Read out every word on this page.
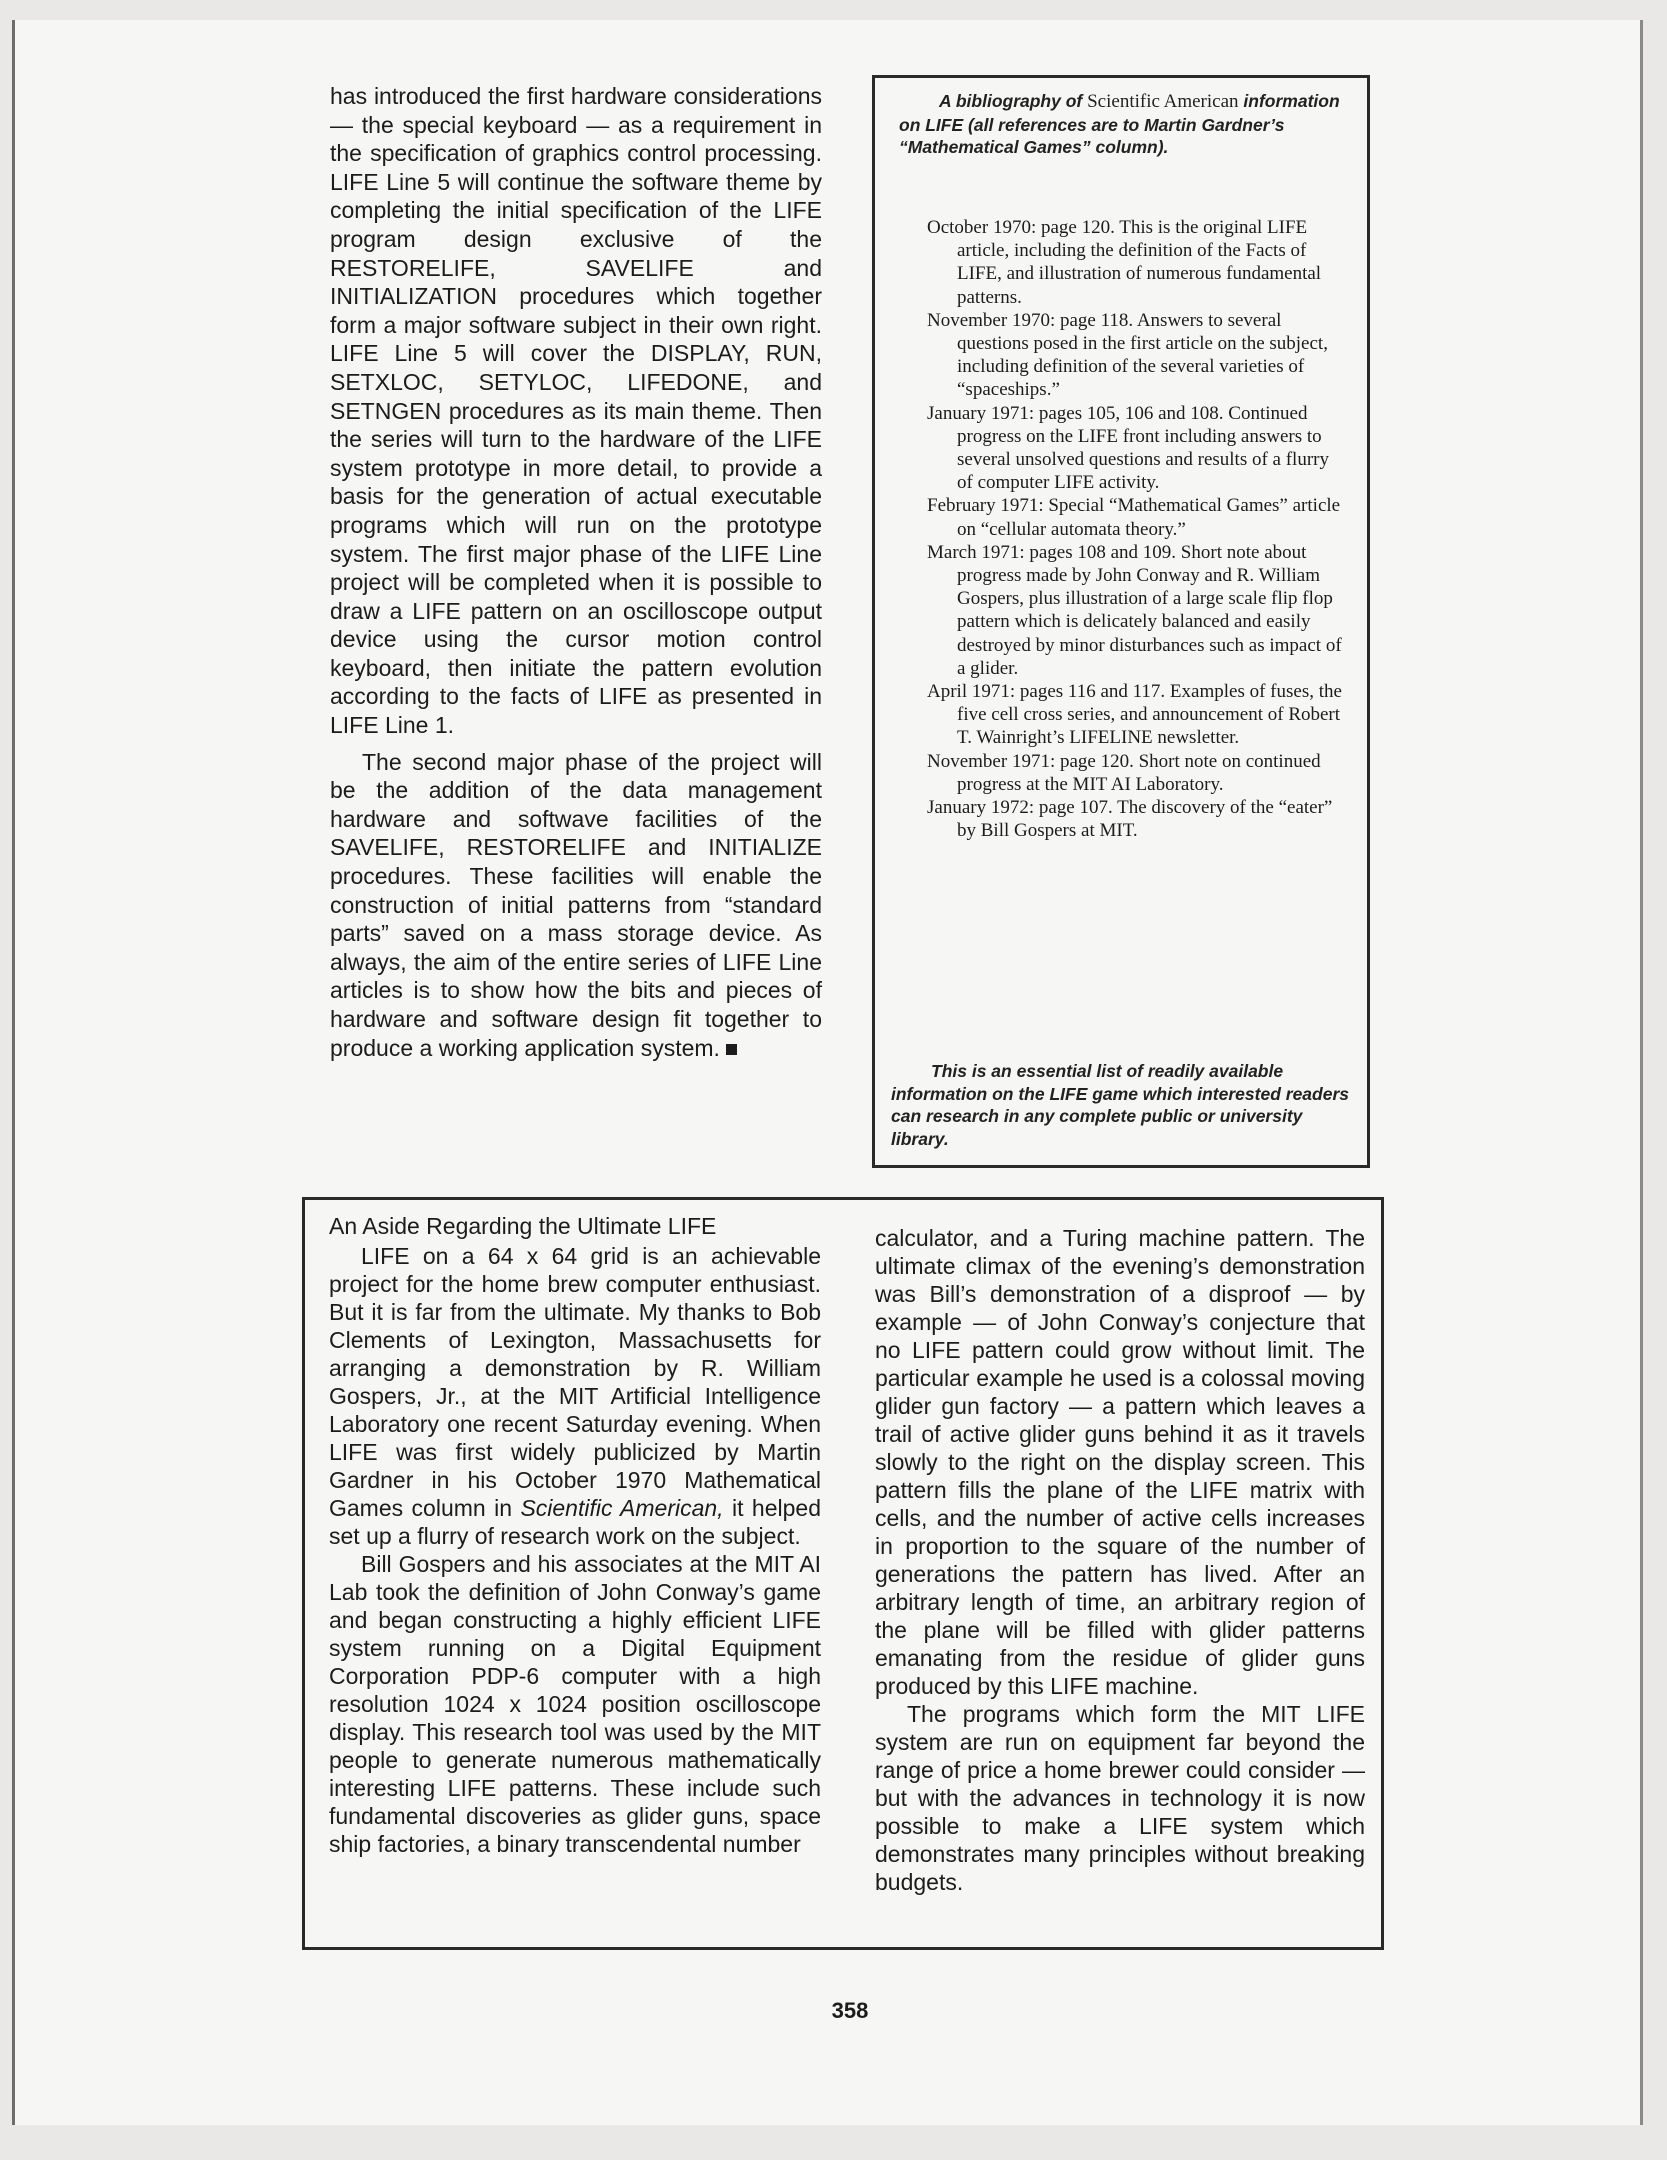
has introduced the first hardware considerations — the special keyboard — as a requirement in the specification of graphics control processing. LIFE Line 5 will continue the software theme by completing the initial specification of the LIFE program design exclusive of the RESTORELIFE, SAVELIFE and INITIALIZATION procedures which together form a major software subject in their own right. LIFE Line 5 will cover the DISPLAY, RUN, SETXLOC, SETYLOC, LIFEDONE, and SETNGEN procedures as its main theme. Then the series will turn to the hardware of the LIFE system prototype in more detail, to provide a basis for the generation of actual executable programs which will run on the prototype system. The first major phase of the LIFE Line project will be completed when it is possible to draw a LIFE pattern on an oscilloscope output device using the cursor motion control keyboard, then initiate the pattern evolution according to the facts of LIFE as presented in LIFE Line 1.

The second major phase of the project will be the addition of the data management hardware and softwave facilities of the SAVELIFE, RESTORELIFE and INITIALIZE procedures. These facilities will enable the construction of initial patterns from “standard parts” saved on a mass storage device. As always, the aim of the entire series of LIFE Line articles is to show how the bits and pieces of hardware and software design fit together to produce a working application system.

A bibliography of Scientific American information on LIFE (all references are to Martin Gardner’s “Mathematical Games” column).
October 1970: page 120. This is the original LIFE article, including the definition of the Facts of LIFE, and illustration of numerous fundamental patterns.
November 1970: page 118. Answers to several questions posed in the first article on the subject, including definition of the several varieties of “spaceships.”
January 1971: pages 105, 106 and 108. Continued progress on the LIFE front including answers to several unsolved questions and results of a flurry of computer LIFE activity.
February 1971: Special “Mathematical Games” article on “cellular automata theory.”
March 1971: pages 108 and 109. Short note about progress made by John Conway and R. William Gospers, plus illustration of a large scale flip flop pattern which is delicately balanced and easily destroyed by minor disturbances such as impact of a glider.
April 1971: pages 116 and 117. Examples of fuses, the five cell cross series, and announcement of Robert T. Wainright’s LIFELINE newsletter.
November 1971: page 120. Short note on continued progress at the MIT AI Laboratory.
January 1972: page 107. The discovery of the “eater” by Bill Gospers at MIT.
This is an essential list of readily available information on the LIFE game which interested readers can research in any complete public or university library.
An Aside Regarding the Ultimate LIFE

LIFE on a 64 x 64 grid is an achievable project for the home brew computer enthusiast. But it is far from the ultimate. My thanks to Bob Clements of Lexington, Massachusetts for arranging a demonstration by R. William Gospers, Jr., at the MIT Artificial Intelligence Laboratory one recent Saturday evening. When LIFE was first widely publicized by Martin Gardner in his October 1970 Mathematical Games column in Scientific American, it helped set up a flurry of research work on the subject.

Bill Gospers and his associates at the MIT AI Lab took the definition of John Conway’s game and began constructing a highly efficient LIFE system running on a Digital Equipment Corporation PDP-6 computer with a high resolution 1024 x 1024 position oscilloscope display. This research tool was used by the MIT people to generate numerous mathematically interesting LIFE patterns. These include such fundamental discoveries as glider guns, space ship factories, a binary transcendental number

calculator, and a Turing machine pattern. The ultimate climax of the evening’s demonstration was Bill’s demonstration of a disproof — by example — of John Conway’s conjecture that no LIFE pattern could grow without limit. The particular example he used is a colossal moving glider gun factory — a pattern which leaves a trail of active glider guns behind it as it travels slowly to the right on the display screen. This pattern fills the plane of the LIFE matrix with cells, and the number of active cells increases in proportion to the square of the number of generations the pattern has lived. After an arbitrary length of time, an arbitrary region of the plane will be filled with glider patterns emanating from the residue of glider guns produced by this LIFE machine.

The programs which form the MIT LIFE system are run on equipment far beyond the range of price a home brewer could consider — but with the advances in technology it is now possible to make a LIFE system which demonstrates many principles without breaking budgets.

358
